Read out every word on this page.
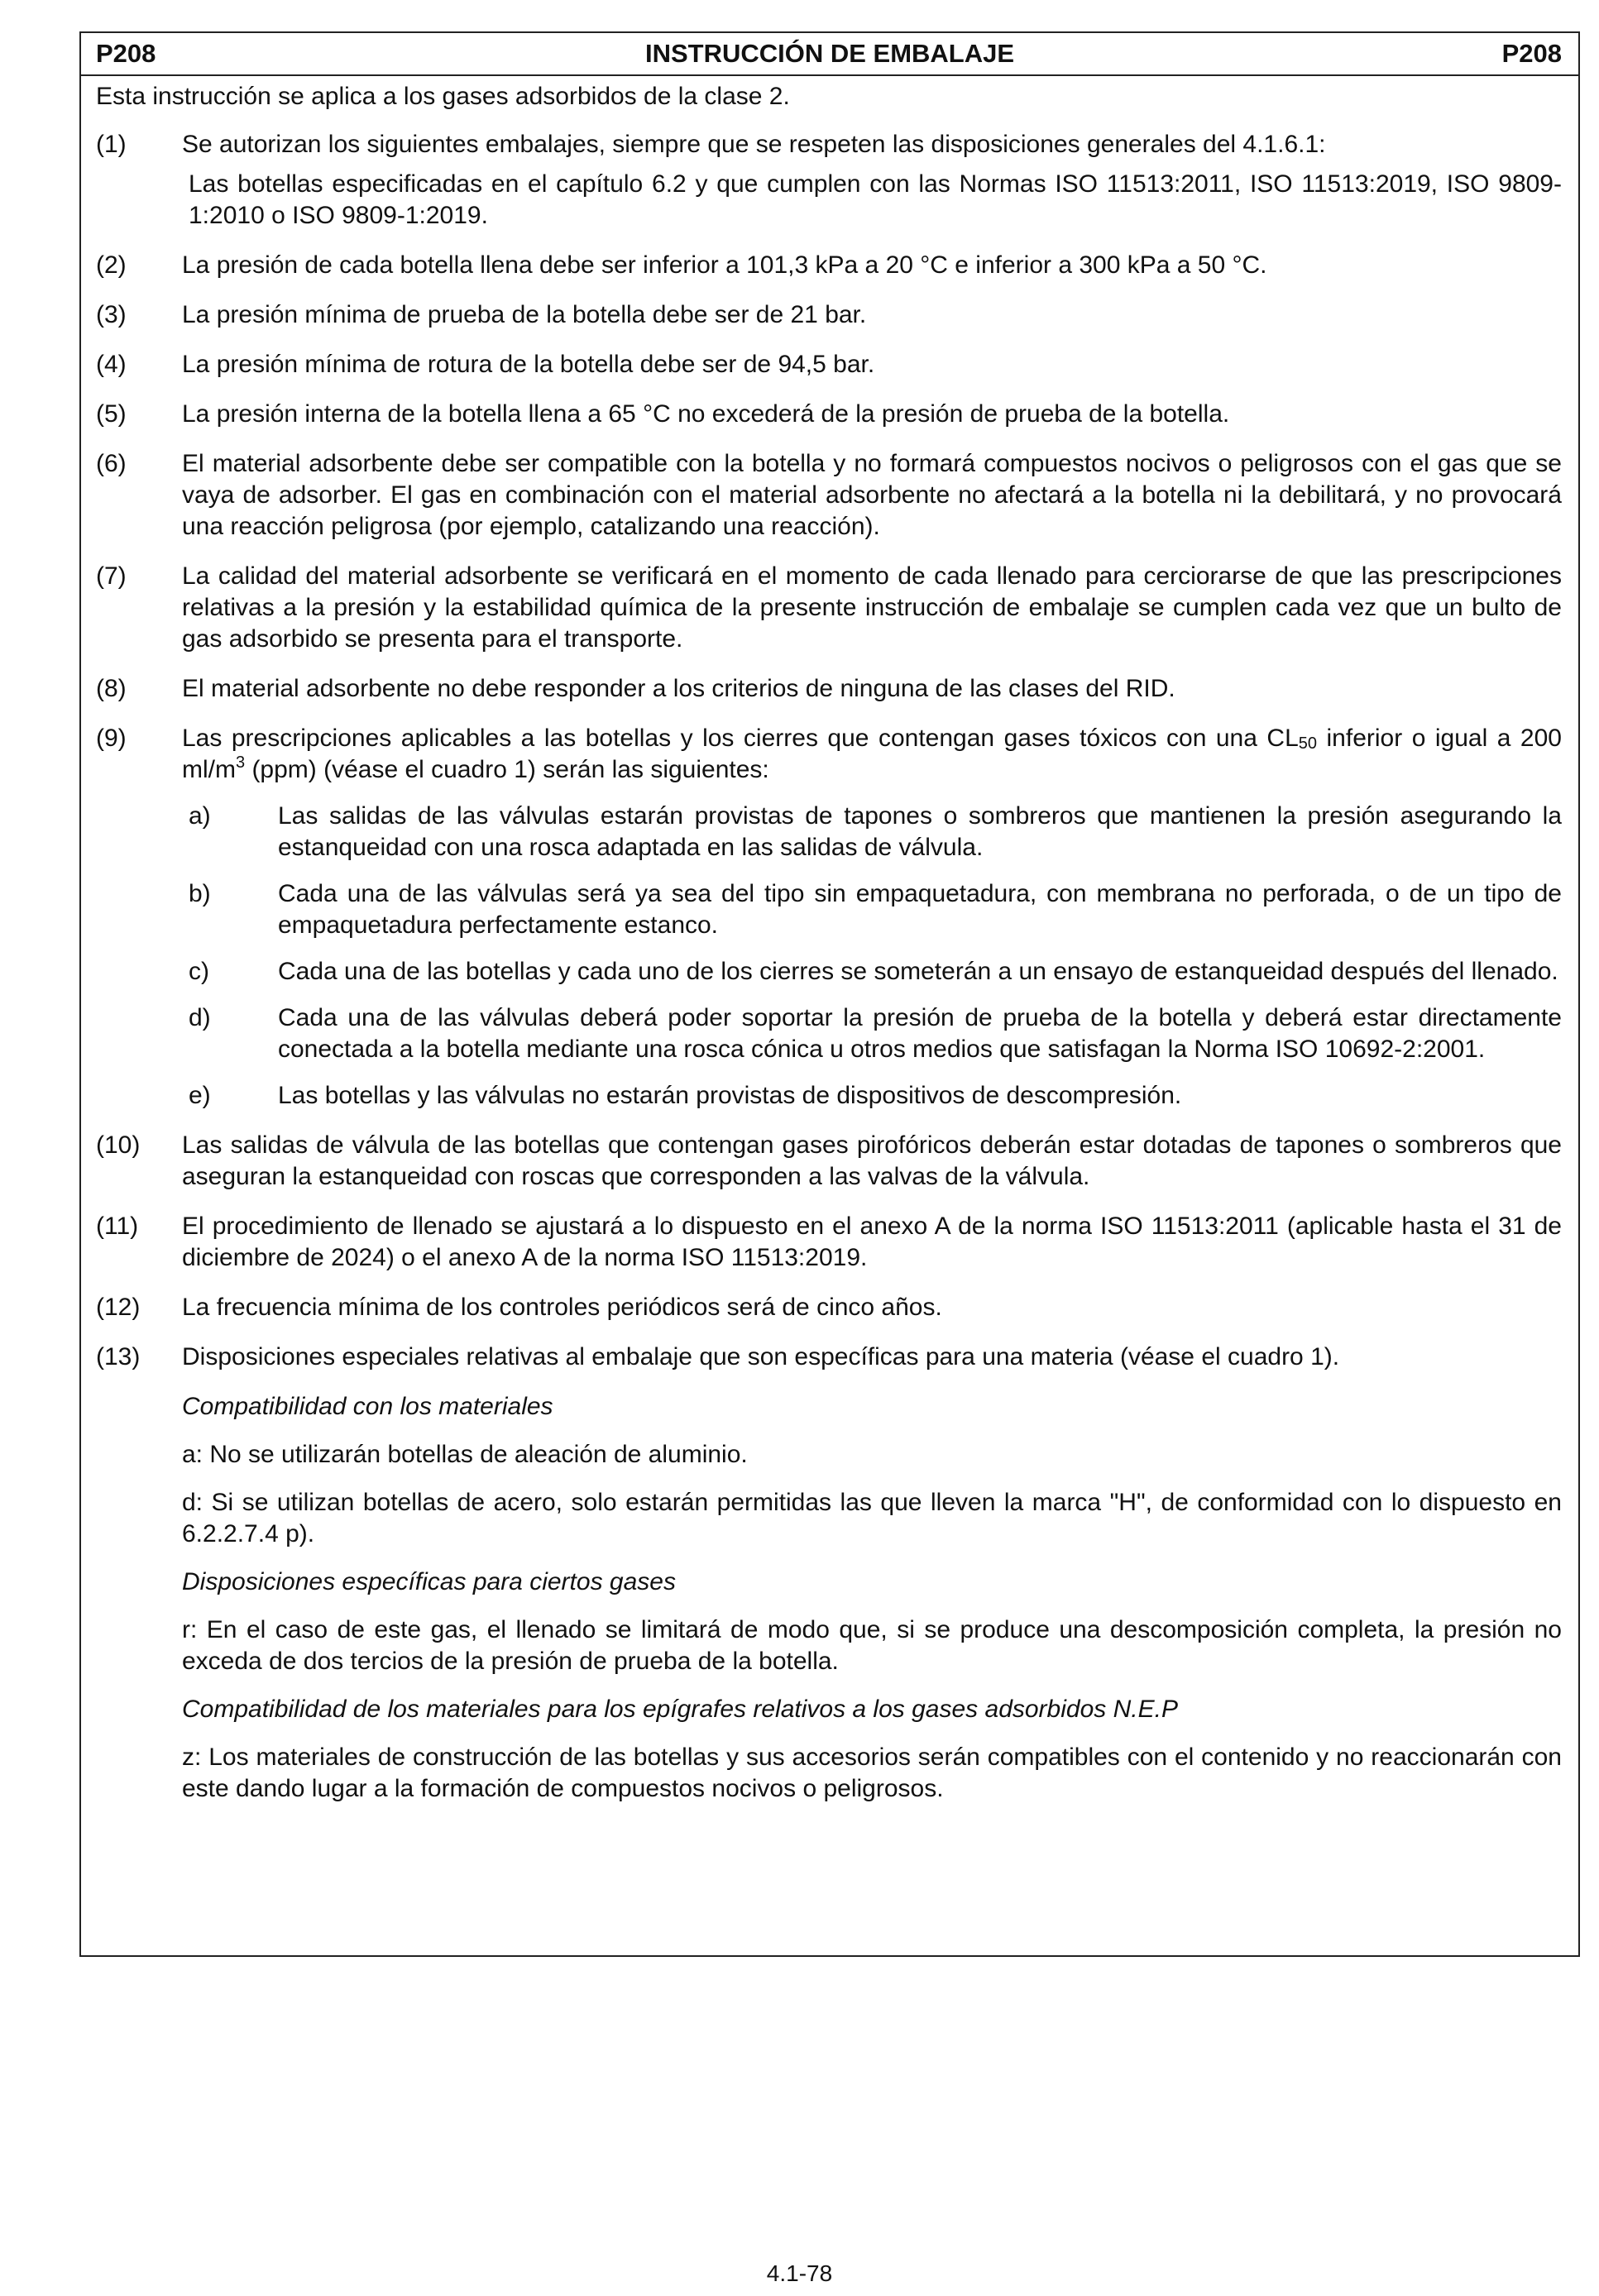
INSTRUCCIÓN DE EMBALAJE
P208	P208

Esta instrucción se aplica a los gases adsorbidos de la clase 2.

(1) Se autorizan los siguientes embalajes, siempre que se respeten las disposiciones generales del 4.1.6.1:

Las botellas especificadas en el capítulo 6.2 y que cumplen con las Normas ISO 11513:2011, ISO 11513:2019, ISO 9809-1:2010 o ISO 9809-1:2019.

(2) La presión de cada botella llena debe ser inferior a 101,3 kPa a 20 °C e inferior a 300 kPa a 50 °C.

(3) La presión mínima de prueba de la botella debe ser de 21 bar.

(4) La presión mínima de rotura de la botella debe ser de 94,5 bar.

(5) La presión interna de la botella llena a 65 °C no excederá de la presión de prueba de la botella.

(6) El material adsorbente debe ser compatible con la botella y no formará compuestos nocivos o peligrosos con el gas que se vaya de adsorber. El gas en combinación con el material adsorbente no afectará a la botella ni la debilitará, y no provocará una reacción peligrosa (por ejemplo, catalizando una reacción).

(7) La calidad del material adsorbente se verificará en el momento de cada llenado para cerciorarse de que las prescripciones relativas a la presión y la estabilidad química de la presente instrucción de embalaje se cumplen cada vez que un bulto de gas adsorbido se presenta para el transporte.

(8) El material adsorbente no debe responder a los criterios de ninguna de las clases del RID.

(9) Las prescripciones aplicables a las botellas y los cierres que contengan gases tóxicos con una $CL_{50}$ inferior o igual a 200 $ml/m^3$ (ppm) (véase el cuadro 1) serán las siguientes:

a)	Las salidas de las válvulas estarán provistas de tapones o sombreros que mantienen la presión asegurando la estanqueidad con una rosca adaptada en las salidas de válvula.

b)	Cada una de las válvulas será ya sea del tipo sin empaquetadura, con membrana no perforada, o de un tipo de empaquetadura perfectamente estanco.

c)	Cada una de las botellas y cada uno de los cierres se someterán a un ensayo de estanqueidad después del llenado.

d)	Cada una de las válvulas deberá poder soportar la presión de prueba de la botella y deberá estar directamente conectada a la botella mediante una rosca cónica u otros medios que satisfagan la Norma ISO 10692-2:2001.

e)	Las botellas y las válvulas no estarán provistas de dispositivos de descompresión.

(10) Las salidas de válvula de las botellas que contengan gases pirofóricos deberán estar dotadas de tapones o sombreros que aseguran la estanqueidad con roscas que corresponden a las valvas de la válvula.

(11) El procedimiento de llenado se ajustará a lo dispuesto en el anexo A de la norma ISO 11513:2011 (aplicable hasta el 31 de diciembre de 2024) o el anexo A de la norma ISO 11513:2019.

(12) La frecuencia mínima de los controles periódicos será de cinco años.

(13) Disposiciones especiales relativas al embalaje que son específicas para una materia (véase el cuadro 1).

Compatibilidad con los materiales

a: No se utilizarán botellas de aleación de aluminio.

d: Si se utilizan botellas de acero, solo estarán permitidas las que lleven la marca "H", de conformidad con lo dispuesto en 6.2.2.7.4 p).

Disposiciones específicas para ciertos gases

r: En el caso de este gas, el llenado se limitará de modo que, si se produce una descomposición completa, la presión no exceda de dos tercios de la presión de prueba de la botella.

Compatibilidad de los materiales para los epígrafes relativos a los gases adsorbidos N.E.P

z: Los materiales de construcción de las botellas y sus accesorios serán compatibles con el contenido y no reaccionarán con este dando lugar a la formación de compuestos nocivos o peligrosos.

4.1-78
